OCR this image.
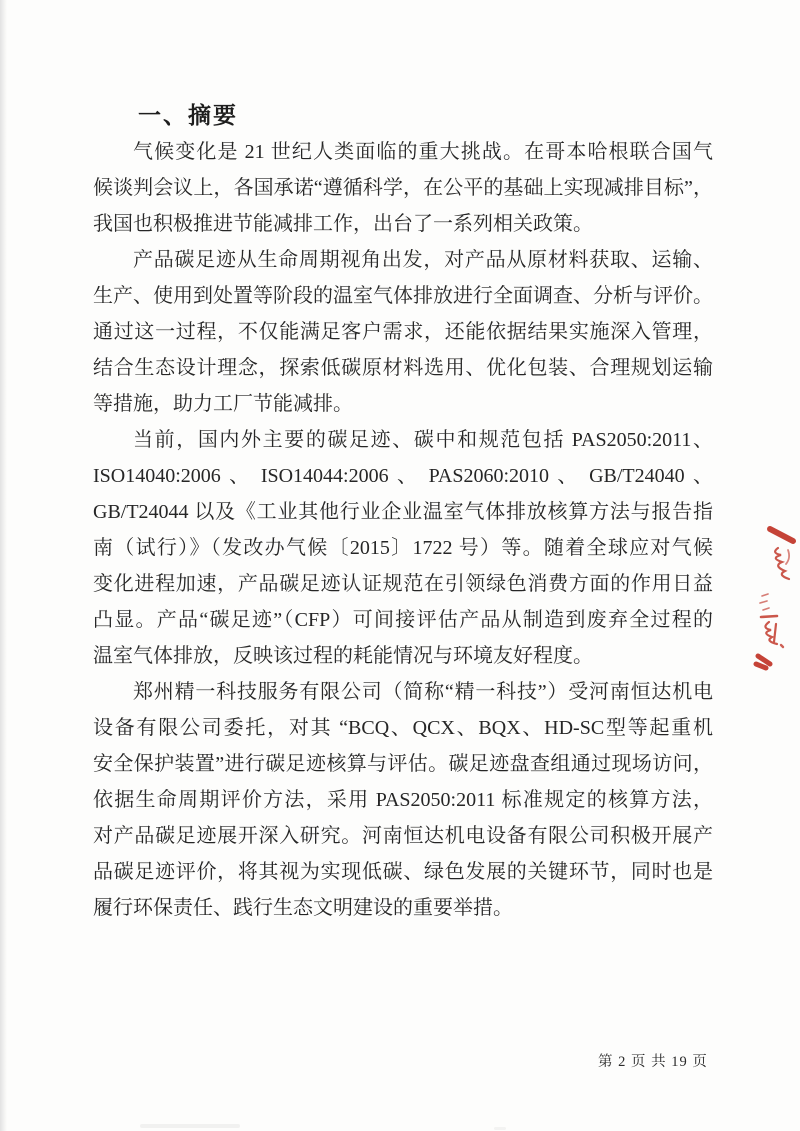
一、摘要
气候变化是 21 世纪人类面临的重大挑战。在哥本哈根联合国气
候谈判会议上，各国承诺“遵循科学，在公平的基础上实现减排目标”，
我国也积极推进节能减排工作，出台了一系列相关政策。
产品碳足迹从生命周期视角出发，对产品从原材料获取、运输、
生产、使用到处置等阶段的温室气体排放进行全面调查、分析与评价。
通过这一过程，不仅能满足客户需求，还能依据结果实施深入管理，
结合生态设计理念，探索低碳原材料选用、优化包装、合理规划运输
等措施，助力工厂节能减排。
当前，国内外主要的碳足迹、碳中和规范包括 PAS2050:2011、
ISO14040:2006 、 ISO14044:2006 、 PAS2060:2010 、 GB/T24040 、
GB/T24044 以及《工业其他行业企业温室气体排放核算方法与报告指
南（试行）》（发改办气候〔2015〕1722 号）等。随着全球应对气候
变化进程加速，产品碳足迹认证规范在引领绿色消费方面的作用日益
凸显。产品“碳足迹”（CFP）可间接评估产品从制造到废弃全过程的
温室气体排放，反映该过程的耗能情况与环境友好程度。
郑州精一科技服务有限公司（简称“精一科技”）受河南恒达机电
设备有限公司委托，对其 “BCQ、QCX、BQX、HD-SC型等起重机
安全保护装置”进行碳足迹核算与评估。碳足迹盘查组通过现场访问，
依据生命周期评价方法，采用 PAS2050:2011 标准规定的核算方法，
对产品碳足迹展开深入研究。河南恒达机电设备有限公司积极开展产
品碳足迹评价，将其视为实现低碳、绿色发展的关键环节，同时也是
履行环保责任、践行生态文明建设的重要举措。
第 2 页 共 19 页
